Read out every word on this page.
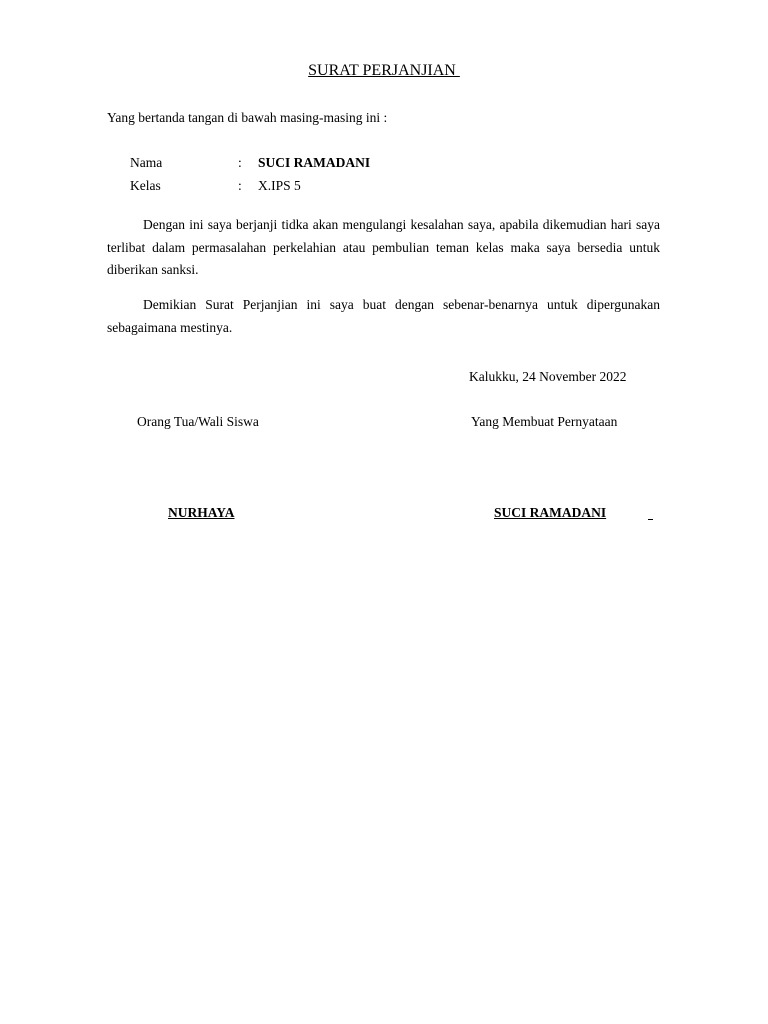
SURAT PERJANJIAN
Yang bertanda tangan di bawah masing-masing ini :
Nama	: SUCI RAMADANI
Kelas	: X.IPS 5

Dengan ini saya berjanji tidka akan mengulangi kesalahan saya, apabila dikemudian hari saya terlibat dalam permasalahan perkelahian atau pembulian teman kelas maka saya bersedia untuk diberikan sanksi.

Demikian Surat Perjanjian ini saya buat dengan sebenar-benarnya untuk dipergunakan sebagaimana mestinya.

Kalukku, 24 November 2022
Orang Tua/Wali Siswa	Yang Membuat Pernyataan
NURHAYA	SUCI RAMADANI
